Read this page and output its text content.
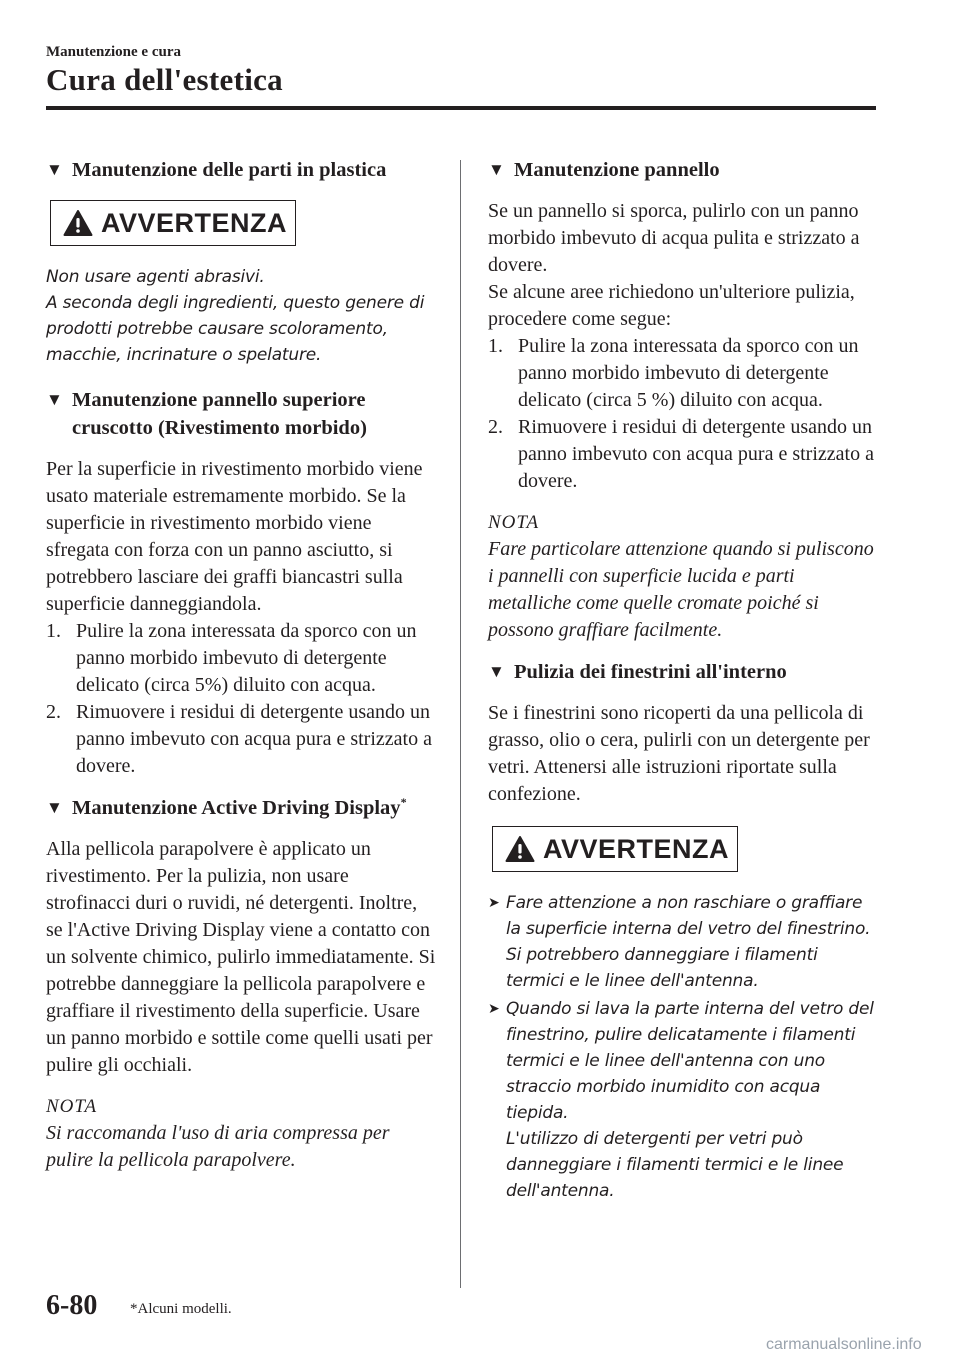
Manutenzione e cura
Cura dell'estetica
▼ Manutenzione delle parti in plastica
AVVERTENZA

Non usare agenti abrasivi.

A seconda degli ingredienti, questo genere di prodotti potrebbe causare scoloramento, macchie, incrinature o spelature.

▼ Manutenzione pannello superiore cruscotto (Rivestimento morbido)

Per la superficie in rivestimento morbido viene usato materiale estremamente morbido. Se la superficie in rivestimento morbido viene sfregata con forza con un panno asciutto, si potrebbero lasciare dei graffi biancastri sulla superficie danneggiandola.

1. Pulire la zona interessata da sporco con un panno morbido imbevuto di detergente delicato (circa 5%) diluito con acqua.
2. Rimuovere i residui di detergente usando un panno imbevuto con acqua pura e strizzato a dovere.
▼ Manutenzione Active Driving Display*

Alla pellicola parapolvere è applicato un rivestimento. Per la pulizia, non usare strofinacci duri o ruvidi, né detergenti. Inoltre, se l'Active Driving Display viene a contatto con un solvente chimico, pulirlo immediatamente. Si potrebbe danneggiare la pellicola parapolvere e graffiare il rivestimento della superficie. Usare un panno morbido e sottile come quelli usati per pulire gli occhiali.

NOTA
Si raccomanda l'uso di aria compressa per pulire la pellicola parapolvere.
▼ Manutenzione pannello

Se un pannello si sporca, pulirlo con un panno morbido imbevuto di acqua pulita e strizzato a dovere.

Se alcune aree richiedono un'ulteriore pulizia, procedere come segue:

1. Pulire la zona interessata da sporco con un panno morbido imbevuto di detergente delicato (circa 5 %) diluito con acqua.
2. Rimuovere i residui di detergente usando un panno imbevuto con acqua pura e strizzato a dovere.
NOTA
Fare particolare attenzione quando si puliscono i pannelli con superficie lucida e parti metalliche come quelle cromate poiché si possono graffiare facilmente.
▼ Pulizia dei finestrini all'interno

Se i finestrini sono ricoperti da una pellicola di grasso, olio o cera, pulirli con un detergente per vetri. Attenersi alle istruzioni riportate sulla confezione.

AVVERTENZA
➤ Fare attenzione a non raschiare o graffiare la superficie interna del vetro del finestrino. Si potrebbero danneggiare i filamenti termici e le linee dell'antenna.
➤ Quando si lava la parte interna del vetro del finestrino, pulire delicatamente i filamenti termici e le linee dell'antenna con uno straccio morbido inumidito con acqua tiepida.
L'utilizzo di detergenti per vetri può danneggiare i filamenti termici e le linee dell'antenna.
6-80 *Alcuni modelli.
carmanualsonline.info
